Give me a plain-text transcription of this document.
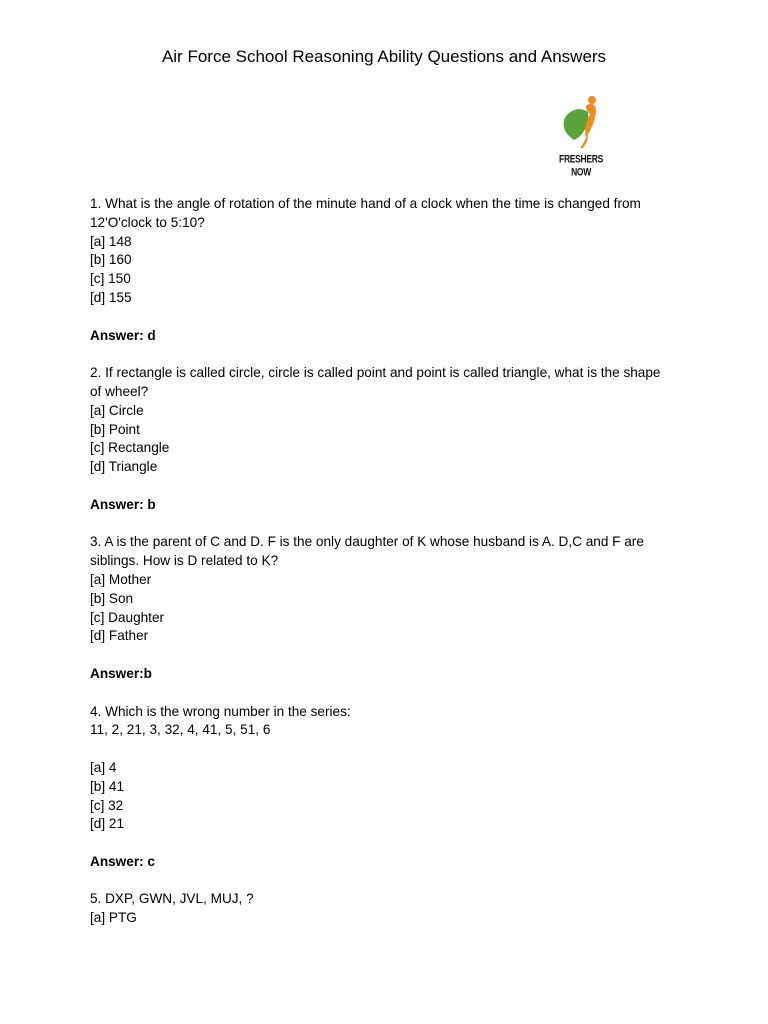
Air Force School Reasoning Ability Questions and Answers
FRESHERS NOW
1. What is the angle of rotation of the minute hand of a clock when the time is changed from
12'O'clock to 5:10?
[a] 148
[b] 160
[c] 150
[d] 155
Answer: d
2. If rectangle is called circle, circle is called point and point is called triangle, what is the shape
of wheel?
[a] Circle
[b] Point
[c] Rectangle
[d] Triangle
Answer: b
3. A is the parent of C and D. F is the only daughter of K whose husband is A. D,C and F are
siblings. How is D related to K?
[a] Mother
[b] Son
[c] Daughter
[d] Father
Answer:b
4. Which is the wrong number in the series:
11, 2, 21, 3, 32, 4, 41, 5, 51, 6
[a] 4
[b] 41
[c] 32
[d] 21
Answer: c
5. DXP, GWN, JVL, MUJ, ?
[a] PTG
